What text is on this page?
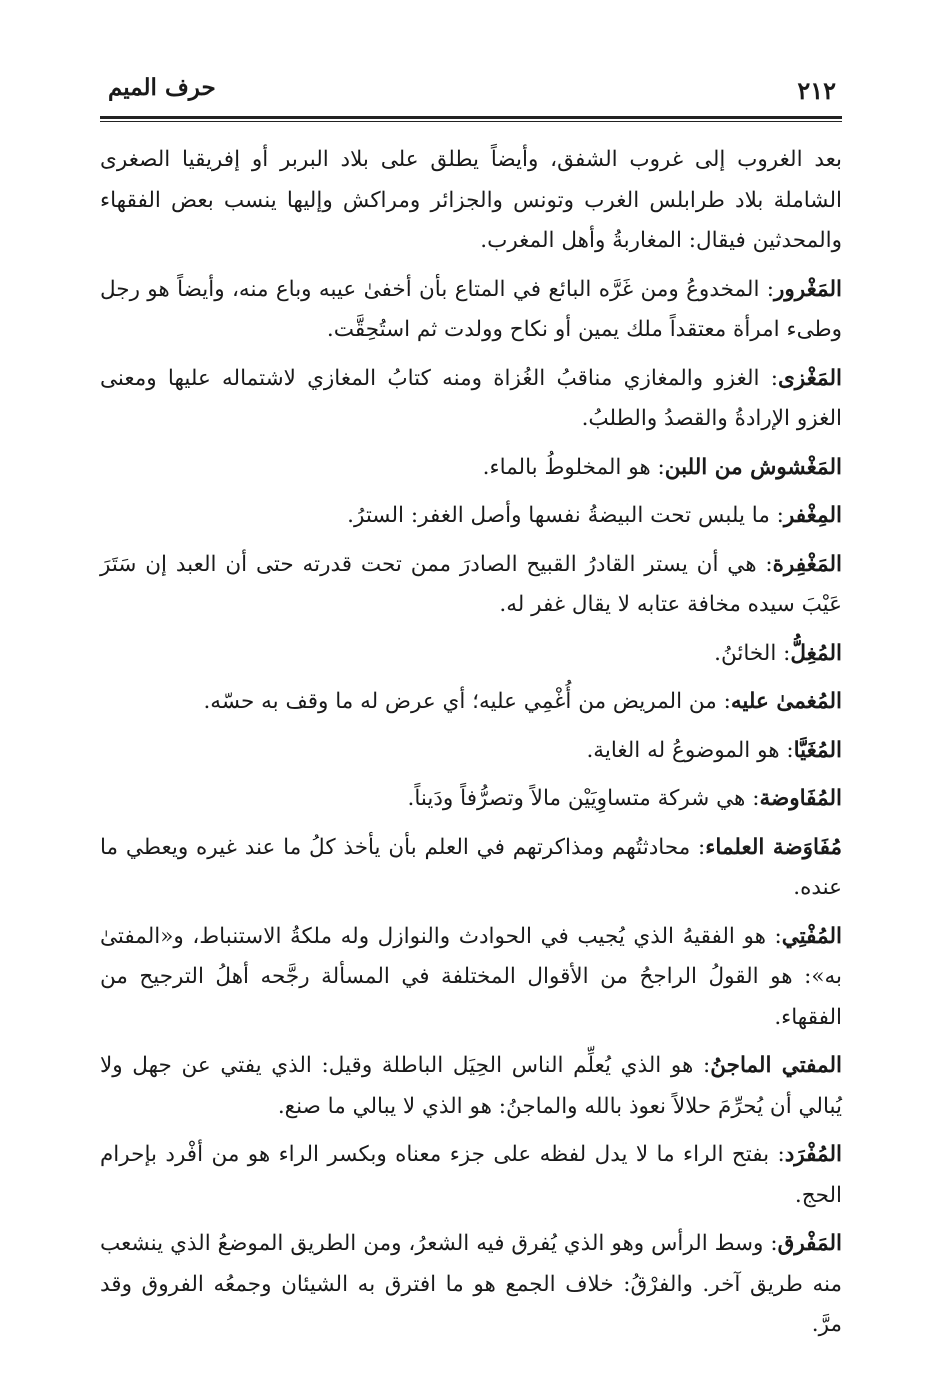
٢١٢
حرف الميم

بعد الغروب إلى غروب الشفق، وأيضاً يطلق على بلاد البربر أو إفريقيا الصغرى الشاملة بلاد طرابلس الغرب وتونس والجزائر ومراكش وإليها ينسب بعض الفقهاء والمحدثين فيقال: المغاربةُ وأهل المغرب.

المَغْرور: المخدوعُ ومن غَرَّه البائع في المتاع بأن أخفىٰ عيبه وباع منه، وأيضاً هو رجل وطىء امرأة معتقداً ملك يمين أو نكاح وولدت ثم استُحِقَّت.

المَغْزى: الغزو والمغازي مناقبُ الغُزاة ومنه كتابُ المغازي لاشتماله عليها ومعنى الغزو الإرادةُ والقصدُ والطلبُ.

المَغْشوش من اللبن: هو المخلوطُ بالماء.

المِغْفر: ما يلبس تحت البيضةُ نفسها وأصل الغفر: السترُ.

المَغْفِرة: هي أن يستر القادرُ القبيح الصادرَ ممن تحت قدرته حتى أن العبد إن سَتَرَ عَيْبَ سيده مخافة عتابه لا يقال غفر له.

المُغِلُّ: الخائنُ.

المُغمىٰ عليه: من المريض من أُغْمِي عليه؛ أي عرض له ما وقف به حسّه.

المُغَيَّا: هو الموضوعُ له الغاية.

المُفَاوضة: هي شركة متساوِيَيْن مالاً وتصرُّفاً ودَيناً.

مُفَاوَضة العلماء: محادثتُهم ومذاكرتهم في العلم بأن يأخذ كلُ ما عند غيره ويعطي ما عنده.

المُفْتِي: هو الفقيهُ الذي يُجيب في الحوادث والنوازل وله ملكةُ الاستنباط، و«المفتىٰ به»: هو القولُ الراجحُ من الأقوال المختلفة في المسألة رجَّحه أهلُ الترجيح من الفقهاء.

المفتي الماجنُ: هو الذي يُعلِّم الناس الحِيَل الباطلة وقيل: الذي يفتي عن جهل ولا يُبالي أن يُحرِّمَ حلالاً نعوذ بالله والماجنُ: هو الذي لا يبالي ما صنع.

المُفْرَد: بفتح الراء ما لا يدل لفظه على جزء معناه وبكسر الراء هو من أفْرد بإحرام الحج.

المَفْرق: وسط الرأس وهو الذي يُفرق فيه الشعرُ، ومن الطريق الموضعُ الذي ينشعب منه طريق آخر. والفرْقُ: خلاف الجمع هو ما افترق به الشيئان وجمعُه الفروق وقد مرَّ.
